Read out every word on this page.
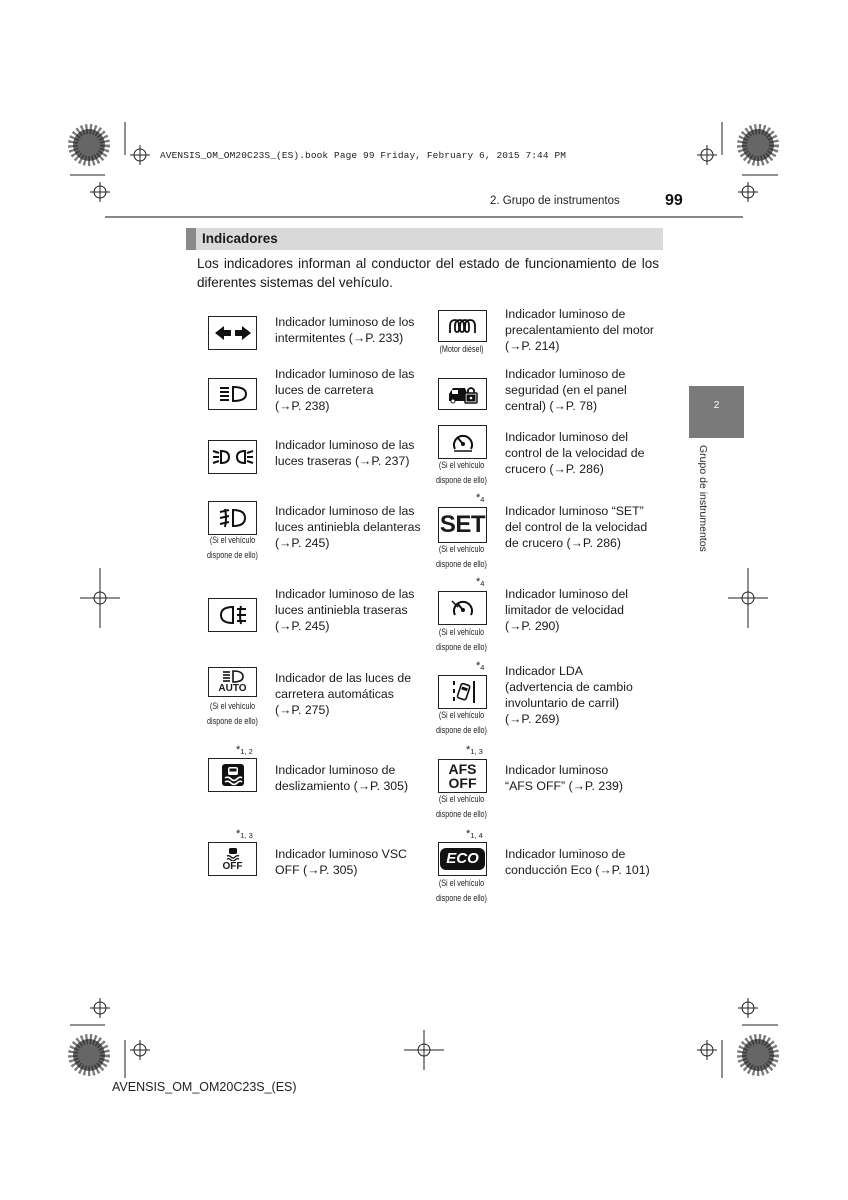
AVENSIS_OM_OM20C23S_(ES).book Page 99 Friday, February 6, 2015 7:44 PM
2. Grupo de instrumentos	99
2
Grupo de instrumentos
Indicadores
Los indicadores informan al conductor del estado de funcionamiento de los diferentes sistemas del vehículo.
Indicador luminoso de los
intermitentes (→P. 233)
Indicador luminoso de las
luces de carretera
(→P. 238)
Indicador luminoso de las
luces traseras (→P. 237)
(Si el vehículo
dispone de ello)
Indicador luminoso de las
luces antiniebla delanteras
(→P. 245)
Indicador luminoso de las
luces antiniebla traseras
(→P. 245)
AUTO
(Si el vehículo
dispone de ello)
Indicador de las luces de
carretera automáticas
(→P. 275)
*$^{1, 2}$
Indicador luminoso de
deslizamiento (→P. 305)
*$^{1, 3}$
OFF
Indicador luminoso VSC
OFF (→P. 305)
(Motor diésel)
Indicador luminoso de
precalentamiento del motor
(→P. 214)
Indicador luminoso de
seguridad (en el panel
central) (→P. 78)
(Si el vehículo
dispone de ello)
Indicador luminoso del
control de la velocidad de
crucero (→P. 286)
*$^4$
SET
(Si el vehículo
dispone de ello)
Indicador luminoso “SET”
del control de la velocidad
de crucero (→P. 286)
*$^4$
(Si el vehículo
dispone de ello)
Indicador luminoso del
limitador de velocidad
(→P. 290)
*$^4$
(Si el vehículo
dispone de ello)
Indicador LDA
(advertencia de cambio
involuntario de carril)
(→P. 269)
*$^{1, 3}$
AFS
OFF
(Si el vehículo
dispone de ello)
Indicador luminoso
“AFS OFF” (→P. 239)
*$^{1, 4}$
ECO
(Si el vehículo
dispone de ello)
Indicador luminoso de
conducción Eco (→P. 101)
AVENSIS_OM_OM20C23S_(ES)
